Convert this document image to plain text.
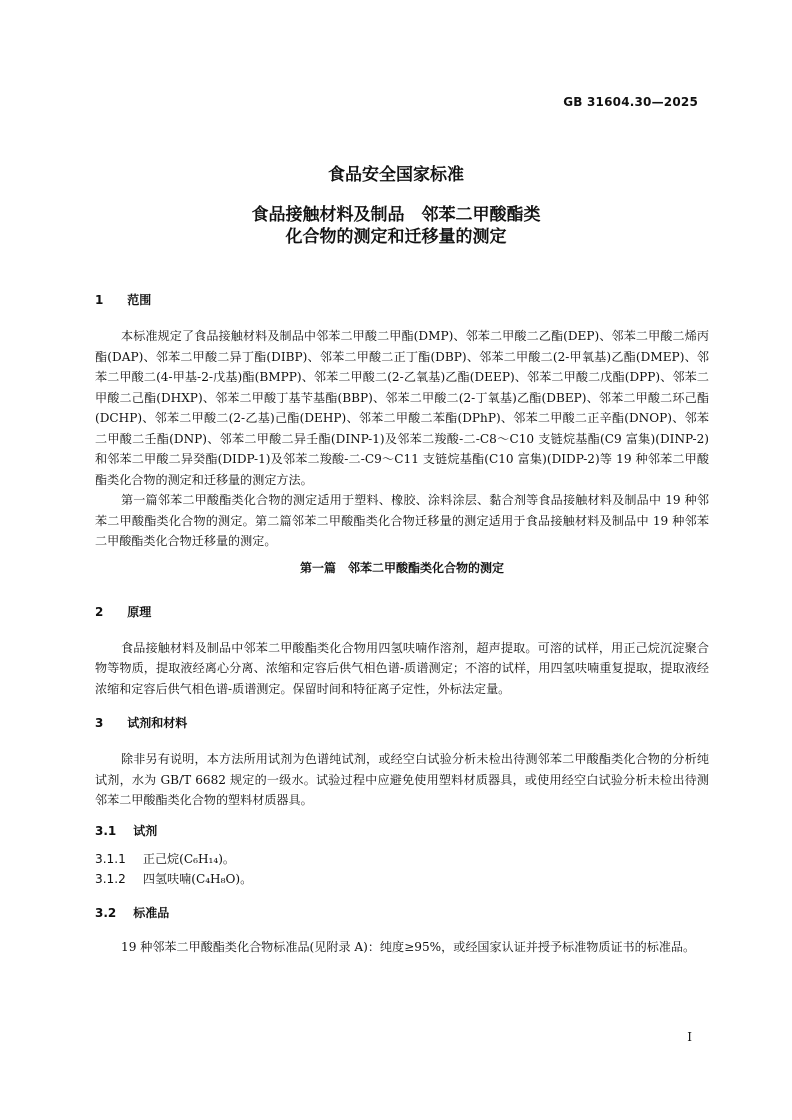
GB 31604.30—2025
食品安全国家标准
食品接触材料及制品　邻苯二甲酸酯类
化合物的测定和迁移量的测定
1 范围

本标准规定了食品接触材料及制品中邻苯二甲酸二甲酯(DMP)、邻苯二甲酸二乙酯(DEP)、邻苯二甲酸二烯丙酯(DAP)、邻苯二甲酸二异丁酯(DIBP)、邻苯二甲酸二正丁酯(DBP)、邻苯二甲酸二(2-甲氧基)乙酯(DMEP)、邻苯二甲酸二(4-甲基-2-戊基)酯(BMPP)、邻苯二甲酸二(2-乙氧基)乙酯(DEEP)、邻苯二甲酸二戊酯(DPP)、邻苯二甲酸二己酯(DHXP)、邻苯二甲酸丁基苄基酯(BBP)、邻苯二甲酸二(2-丁氧基)乙酯(DBEP)、邻苯二甲酸二环己酯(DCHP)、邻苯二甲酸二(2-乙基)己酯(DEHP)、邻苯二甲酸二苯酯(DPhP)、邻苯二甲酸二正辛酯(DNOP)、邻苯二甲酸二壬酯(DNP)、邻苯二甲酸二异壬酯(DINP-1)及邻苯二羧酸-二-C8～C10 支链烷基酯(C9 富集)(DINP-2)和邻苯二甲酸二异癸酯(DIDP-1)及邻苯二羧酸-二-C9～C11 支链烷基酯(C10 富集)(DIDP-2)等 19 种邻苯二甲酸酯类化合物的测定和迁移量的测定方法。

第一篇邻苯二甲酸酯类化合物的测定适用于塑料、橡胶、涂料涂层、黏合剂等食品接触材料及制品中 19 种邻苯二甲酸酯类化合物的测定。第二篇邻苯二甲酸酯类化合物迁移量的测定适用于食品接触材料及制品中 19 种邻苯二甲酸酯类化合物迁移量的测定。

第一篇　邻苯二甲酸酯类化合物的测定
2 原理

食品接触材料及制品中邻苯二甲酸酯类化合物用四氢呋喃作溶剂，超声提取。可溶的试样，用正己烷沉淀聚合物等物质，提取液经离心分离、浓缩和定容后供气相色谱-质谱测定；不溶的试样，用四氢呋喃重复提取，提取液经浓缩和定容后供气相色谱-质谱测定。保留时间和特征离子定性，外标法定量。

3 试剂和材料

除非另有说明，本方法所用试剂为色谱纯试剂，或经空白试验分析未检出待测邻苯二甲酸酯类化合物的分析纯试剂，水为 GB/T 6682 规定的一级水。试验过程中应避免使用塑料材质器具，或使用经空白试验分析未检出待测邻苯二甲酸酯类化合物的塑料材质器具。

3.1 试剂
3.1.1 正己烷(C₆H₁₄)。
3.1.2 四氢呋喃(C₄H₈O)。
3.2 标准品

19 种邻苯二甲酸酯类化合物标准品(见附录 A)：纯度≥95%，或经国家认证并授予标准物质证书的标准品。

I
